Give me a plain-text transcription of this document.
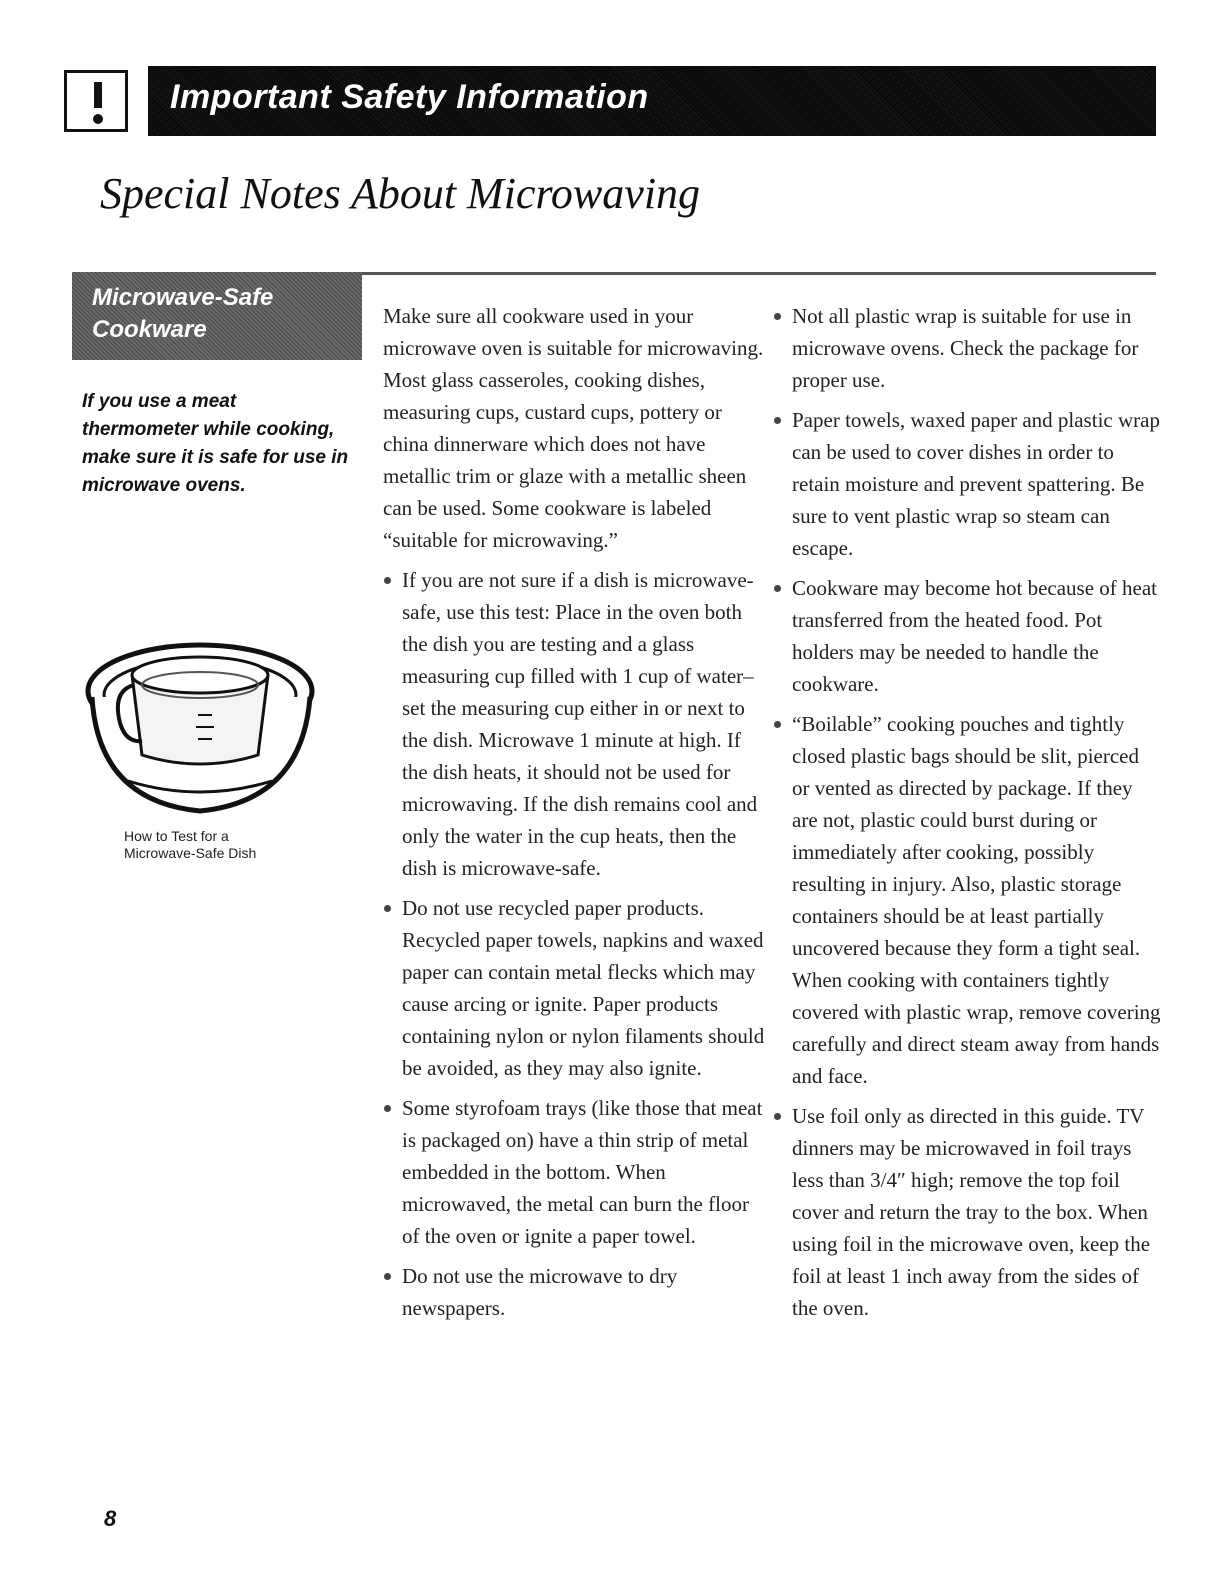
Important Safety Information
Special Notes About Microwaving
Microwave-Safe
Cookware
If you use a meat thermometer while cooking, make sure it is safe for use in microwave ovens.
How to Test for a
Microwave-Safe Dish

Make sure all cookware used in your microwave oven is suitable for microwaving. Most glass casseroles, cooking dishes, measuring cups, custard cups, pottery or china dinnerware which does not have metallic trim or glaze with a metallic sheen can be used. Some cookware is labeled “suitable for microwaving.”

If you are not sure if a dish is microwave-safe, use this test: Place in the oven both the dish you are testing and a glass measuring cup filled with 1 cup of water–set the measuring cup either in or next to the dish. Microwave 1 minute at high. If the dish heats, it should not be used for microwaving. If the dish remains cool and only the water in the cup heats, then the dish is microwave-safe.
Do not use recycled paper products. Recycled paper towels, napkins and waxed paper can contain metal flecks which may cause arcing or ignite. Paper products containing nylon or nylon filaments should be avoided, as they may also ignite.
Some styrofoam trays (like those that meat is packaged on) have a thin strip of metal embedded in the bottom. When microwaved, the metal can burn the floor of the oven or ignite a paper towel.
Do not use the microwave to dry newspapers.
Not all plastic wrap is suitable for use in microwave ovens. Check the package for proper use.
Paper towels, waxed paper and plastic wrap can be used to cover dishes in order to retain moisture and prevent spattering. Be sure to vent plastic wrap so steam can escape.
Cookware may become hot because of heat transferred from the heated food. Pot holders may be needed to handle the cookware.
“Boilable” cooking pouches and tightly closed plastic bags should be slit, pierced or vented as directed by package. If they are not, plastic could burst during or immediately after cooking, possibly resulting in injury. Also, plastic storage containers should be at least partially uncovered because they form a tight seal. When cooking with containers tightly covered with plastic wrap, remove covering carefully and direct steam away from hands and face.
Use foil only as directed in this guide. TV dinners may be microwaved in foil trays less than 3/4″ high; remove the top foil cover and return the tray to the box. When using foil in the microwave oven, keep the foil at least 1 inch away from the sides of the oven.
8
